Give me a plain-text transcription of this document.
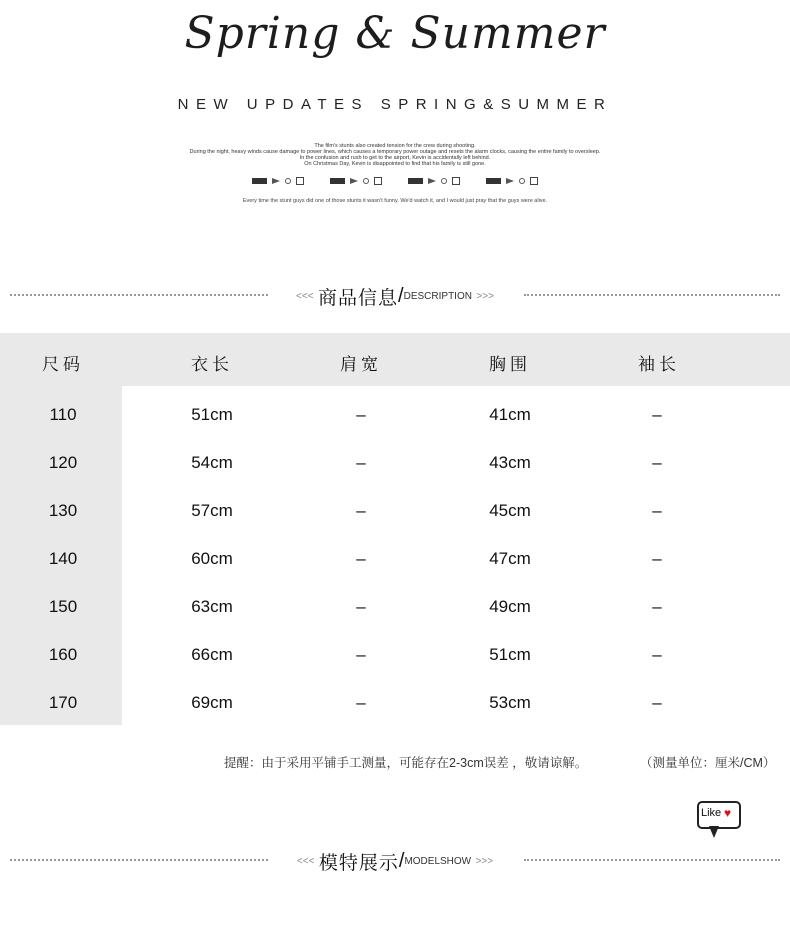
Spring & Summer
NEW UPDATES SPRING&SUMMER
The film's stunts also created tension for the crew during shooting.
During the night, heavy winds cause damage to power lines, which causes a temporary power outage and resets the alarm clocks, causing the entire family to oversleep.
In the confusion and rush to get to the airport, Kevin is accidentally left behind.
On Christmas Day, Kevin is disappointed to find that his family is still gone.
Every time the stunt guys did one of those stunts it wasn't funny. We'd watch it, and I would just pray that the guys were alive.
<<< 商品信息/DESCRIPTION >>>
尺码	衣长	肩宽	胸围	袖长
110	51cm	–	41cm	–
120	54cm	–	43cm	–
130	57cm	–	45cm	–
140	60cm	–	47cm	–
150	63cm	–	49cm	–
160	66cm	–	51cm	–
170	69cm	–	53cm	–
提醒：由于采用平铺手工测量，可能存在2-3cm误差 ，敬请谅解。	（测量单位：厘米/CM）
Like ♥
<<< 模特展示/MODELSHOW >>>
